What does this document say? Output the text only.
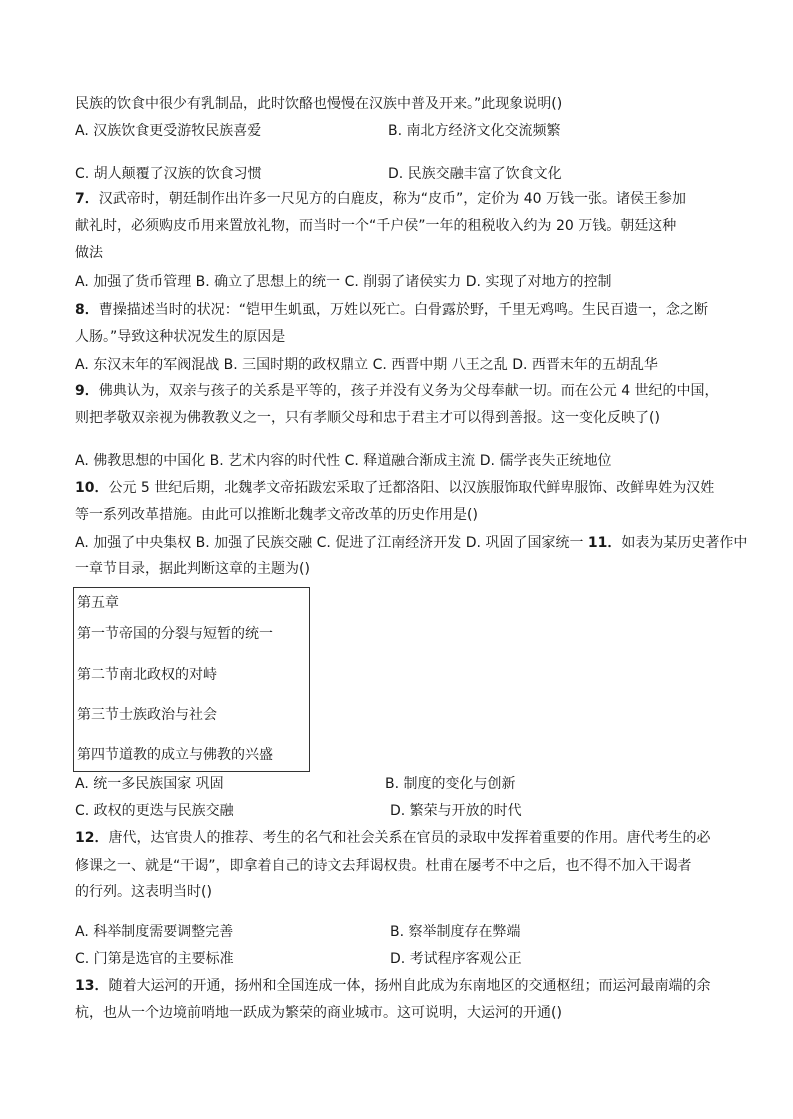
民族的饮食中很少有乳制品，此时饮酪也慢慢在汉族中普及开来。”此现象说明()

A. 汉族饮食更受游牧民族喜爱	B. 南北方经济文化交流频繁

C. 胡人颠覆了汉族的饮食习惯	D. 民族交融丰富了饮食文化

7．汉武帝时，朝廷制作出许多一尺见方的白鹿皮，称为“皮币”，定价为 40 万钱一张。诸侯王参加

献礼时，必须购皮币用来置放礼物，而当时一个“千户侯”一年的租税收入约为 20 万钱。朝廷这种

做法

A. 加强了货币管理 B. 确立了思想上的统一 C. 削弱了诸侯实力 D. 实现了对地方的控制

8．曹操描述当时的状况：“铠甲生虮虱，万姓以死亡。白骨露於野，千里无鸡鸣。生民百遗一，念之断

人肠。”导致这种状况发生的原因是

A. 东汉末年的军阀混战 B. 三国时期的政权鼎立 C. 西晋中期 八王之乱 D. 西晋末年的五胡乱华

9．佛典认为，双亲与孩子的关系是平等的，孩子并没有义务为父母奉献一切。而在公元 4 世纪的中国，

则把孝敬双亲视为佛教教义之一，只有孝顺父母和忠于君主才可以得到善报。这一变化反映了()

A. 佛教思想的中国化 B. 艺术内容的时代性 C. 释道融合渐成主流 D. 儒学丧失正统地位

10．公元 5 世纪后期，北魏孝文帝拓跋宏采取了迁都洛阳、以汉族服饰取代鲜卑服饰、改鲜卑姓为汉姓

等一系列改革措施。由此可以推断北魏孝文帝改革的历史作用是()

A. 加强了中央集权 B. 加强了民族交融 C. 促进了江南经济开发 D. 巩固了国家统一 11．如表为某历史著作中

一章节目录，据此判断这章的主题为()

第五章
第一节帝国的分裂与短暂的统一
第二节南北政权的对峙
第三节士族政治与社会
第四节道教的成立与佛教的兴盛

A. 统一多民族国家 巩固	B. 制度的变化与创新

C. 政权的更迭与民族交融	D. 繁荣与开放的时代

12．唐代，达官贵人的推荐、考生的名气和社会关系在官员的录取中发挥着重要的作用。唐代考生的必

修课之一、就是“干谒”，即拿着自己的诗文去拜谒权贵。杜甫在屡考不中之后，也不得不加入干谒者

的行列。这表明当时()

A. 科举制度需要调整完善	B. 察举制度存在弊端

C. 门第是选官的主要标准	D. 考试程序客观公正

13．随着大运河的开通，扬州和全国连成一体，扬州自此成为东南地区的交通枢纽；而运河最南端的余

杭，也从一个边境前哨地一跃成为繁荣的商业城市。这可说明，大运河的开通()
